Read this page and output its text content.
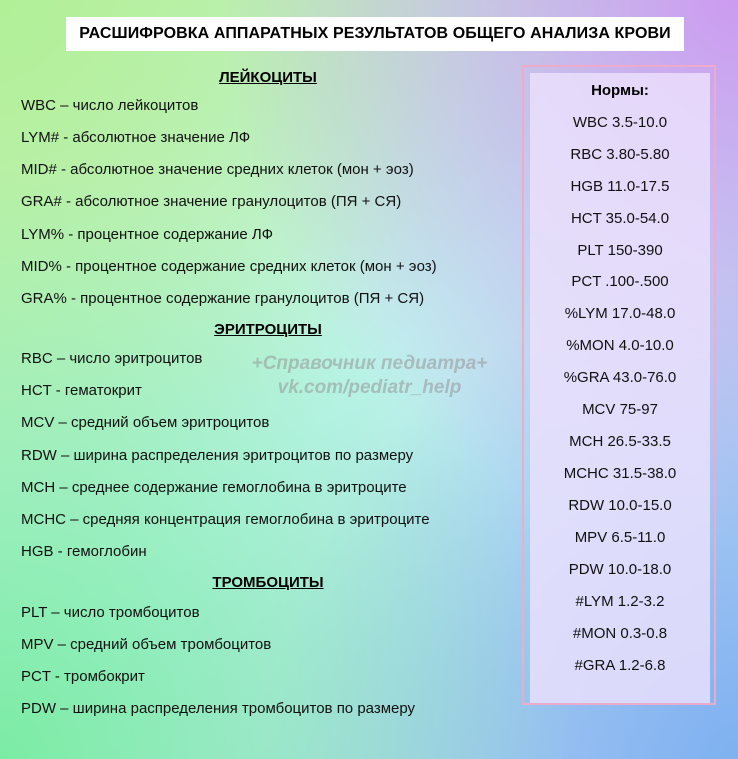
РАСШИФРОВКА АППАРАТНЫХ РЕЗУЛЬТАТОВ ОБЩЕГО АНАЛИЗА КРОВИ
ЛЕЙКОЦИТЫ
WBC – число лейкоцитов
LYM# - абсолютное значение ЛФ
MID# - абсолютное значение средних клеток (мон + эоз)
GRA# - абсолютное значение гранулоцитов (ПЯ + СЯ)
LYM% - процентное содержание ЛФ
MID% - процентное содержание средних клеток (мон + эоз)
GRA% - процентное содержание гранулоцитов (ПЯ + СЯ)
ЭРИТРОЦИТЫ
RBC – число эритроцитов
HCT - гематокрит
MCV – средний объем эритроцитов
RDW – ширина распределения эритроцитов по размеру
MCH – среднее содержание гемоглобина в эритроците
MCHC – средняя концентрация гемоглобина в эритроците
HGB - гемоглобин
ТРОМБОЦИТЫ
PLT – число тромбоцитов
MPV – средний объем тромбоцитов
PCT - тромбокрит
PDW – ширина распределения тромбоцитов по размеру
+Справочник педиатра+
vk.com/pediatr_help
Нормы:
WBC 3.5-10.0
RBC 3.80-5.80
HGB 11.0-17.5
HCT 35.0-54.0
PLT 150-390
PCT .100-.500
%LYM 17.0-48.0
%MON 4.0-10.0
%GRA 43.0-76.0
MCV 75-97
MCH 26.5-33.5
MCHC 31.5-38.0
RDW 10.0-15.0
MPV 6.5-11.0
PDW 10.0-18.0
#LYM 1.2-3.2
#MON 0.3-0.8
#GRA 1.2-6.8
